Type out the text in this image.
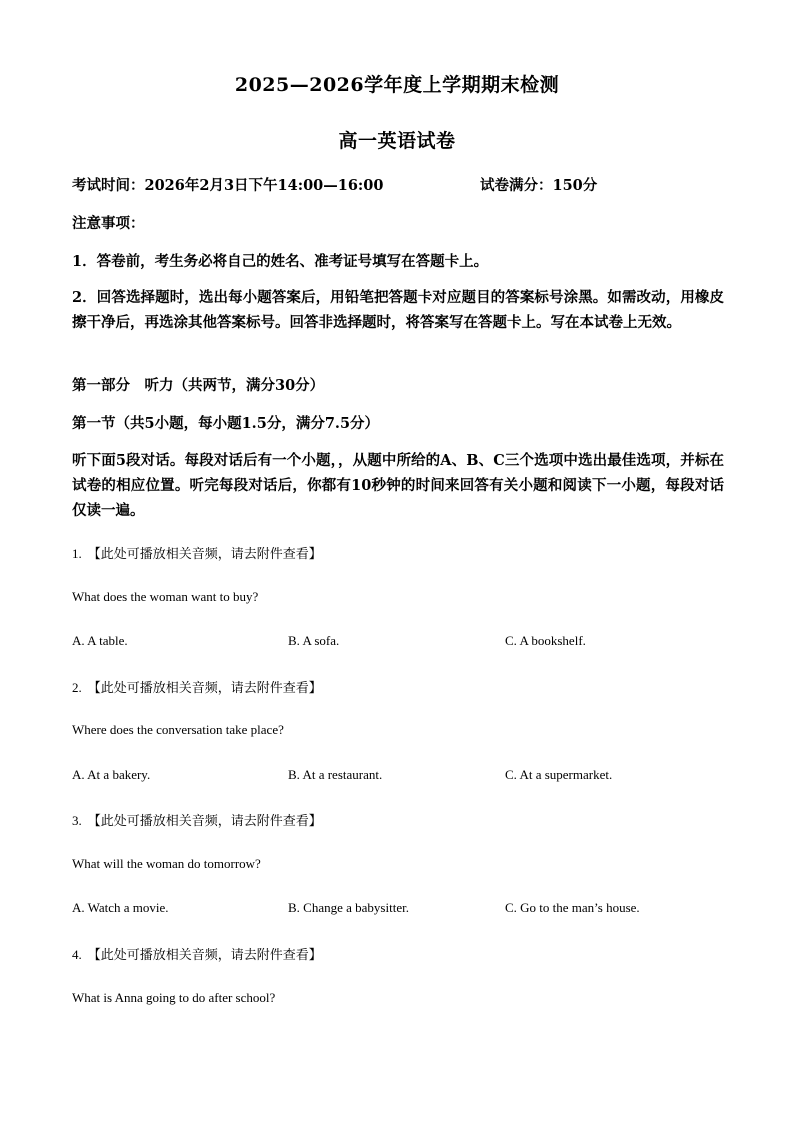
2025—2026学年度上学期期末检测
高一英语试卷
考试时间：2026年2月3日下午14:00—16:00	试卷满分：150分
注意事项：
1．答卷前，考生务必将自己的姓名、准考证号填写在答题卡上。
2．回答选择题时，选出每小题答案后，用铅笔把答题卡对应题目的答案标号涂黑。如需改动，用橡皮擦干净后，再选涂其他答案标号。回答非选择题时，将答案写在答题卡上。写在本试卷上无效。
第一部分　听力（共两节，满分30分）
第一节（共5小题，每小题1.5分，满分7.5分）
听下面5段对话。每段对话后有一个小题，，从题中所给的A、B、C三个选项中选出最佳选项，并标在试卷的相应位置。听完每段对话后，你都有10秒钟的时间来回答有关小题和阅读下一小题，每段对话仅读一遍。
1. 【此处可播放相关音频，请去附件查看】
What does the woman want to buy?
A. A table.	B. A sofa.	C. A bookshelf.
2. 【此处可播放相关音频，请去附件查看】
Where does the conversation take place?
A. At a bakery.	B. At a restaurant.	C. At a supermarket.
3. 【此处可播放相关音频，请去附件查看】
What will the woman do tomorrow?
A. Watch a movie.	B. Change a babysitter.	C. Go to the man’s house.
4. 【此处可播放相关音频，请去附件查看】
What is Anna going to do after school?
